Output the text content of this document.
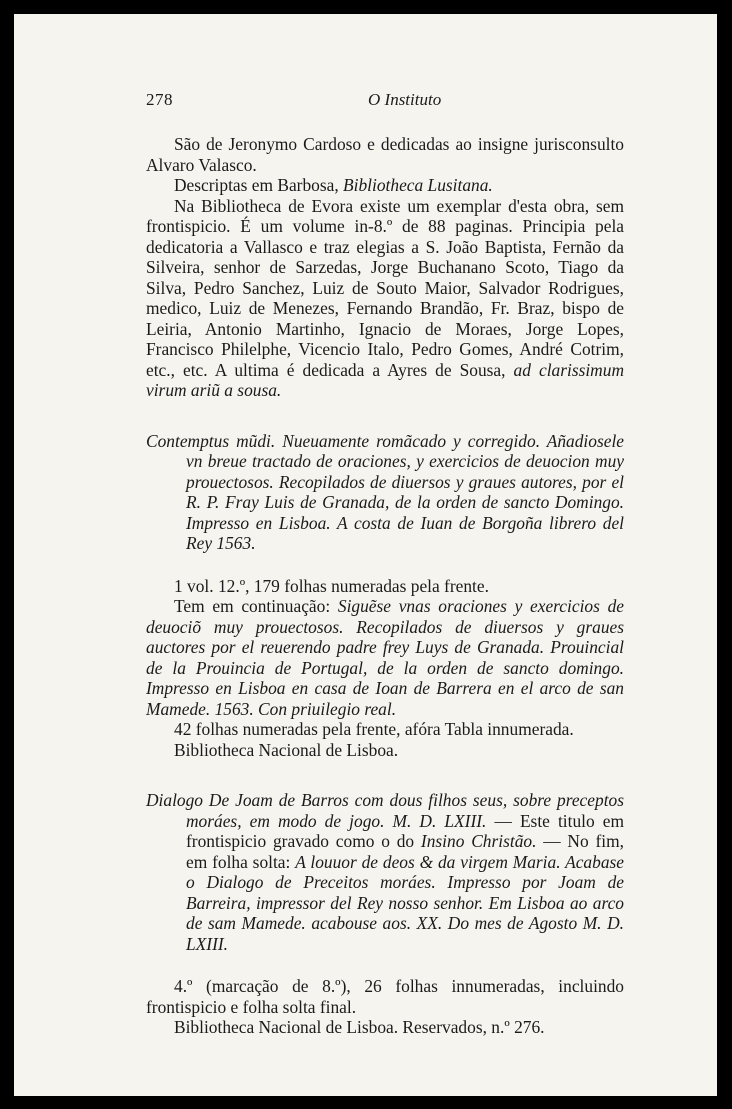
278	O Instituto

São de Jeronymo Cardoso e dedicadas ao insigne jurisconsulto Alvaro Valasco.

Descriptas em Barbosa, Bibliotheca Lusitana.

Na Bibliotheca de Evora existe um exemplar d'esta obra, sem frontispicio. É um volume in-8.º de 88 paginas. Principia pela dedicatoria a Vallasco e traz elegias a S. João Baptista, Fernão da Silveira, senhor de Sarzedas, Jorge Buchanano Scoto, Tiago da Silva, Pedro Sanchez, Luiz de Souto Maior, Salvador Rodrigues, medico, Luiz de Menezes, Fernando Brandão, Fr. Braz, bispo de Leiria, Antonio Martinho, Ignacio de Moraes, Jorge Lopes, Francisco Philelphe, Vicencio Italo, Pedro Gomes, André Cotrim, etc., etc. A ultima é dedicada a Ayres de Sousa, ad clarissimum virum ariũ a sousa.

Contemptus mũdi. Nueuamente romãcado y corregido. Añadiosele vn breue tractado de oraciones, y exercicios de deuocion muy prouectosos. Recopilados de diuersos y graues autores, por el R. P. Fray Luis de Granada, de la orden de sancto Domingo. Impresso en Lisboa. A costa de Iuan de Borgoña librero del Rey 1563.

1 vol. 12.º, 179 folhas numeradas pela frente.

Tem em continuação: Siguẽse vnas oraciones y exercicios de deuociõ muy prouectosos. Recopilados de diuersos y graues auctores por el reuerendo padre frey Luys de Granada. Prouincial de la Prouincia de Portugal, de la orden de sancto domingo. Impresso en Lisboa en casa de Ioan de Barrera en el arco de san Mamede. 1563. Con priuilegio real.

42 folhas numeradas pela frente, afóra Tabla innumerada.

Bibliotheca Nacional de Lisboa.

Dialogo De Joam de Barros com dous filhos seus, sobre preceptos moráes, em modo de jogo. M. D. LXIII. — Este titulo em frontispicio gravado como o do Insino Christão. — No fim, em folha solta: A louuor de deos & da virgem Maria. Acabase o Dialogo de Preceitos moráes. Impresso por Joam de Barreira, impressor del Rey nosso senhor. Em Lisboa ao arco de sam Mamede. acabouse aos. XX. Do mes de Agosto M. D. LXIII.

4.º (marcação de 8.º), 26 folhas innumeradas, incluindo frontispicio e folha solta final.

Bibliotheca Nacional de Lisboa. Reservados, n.º 276.
